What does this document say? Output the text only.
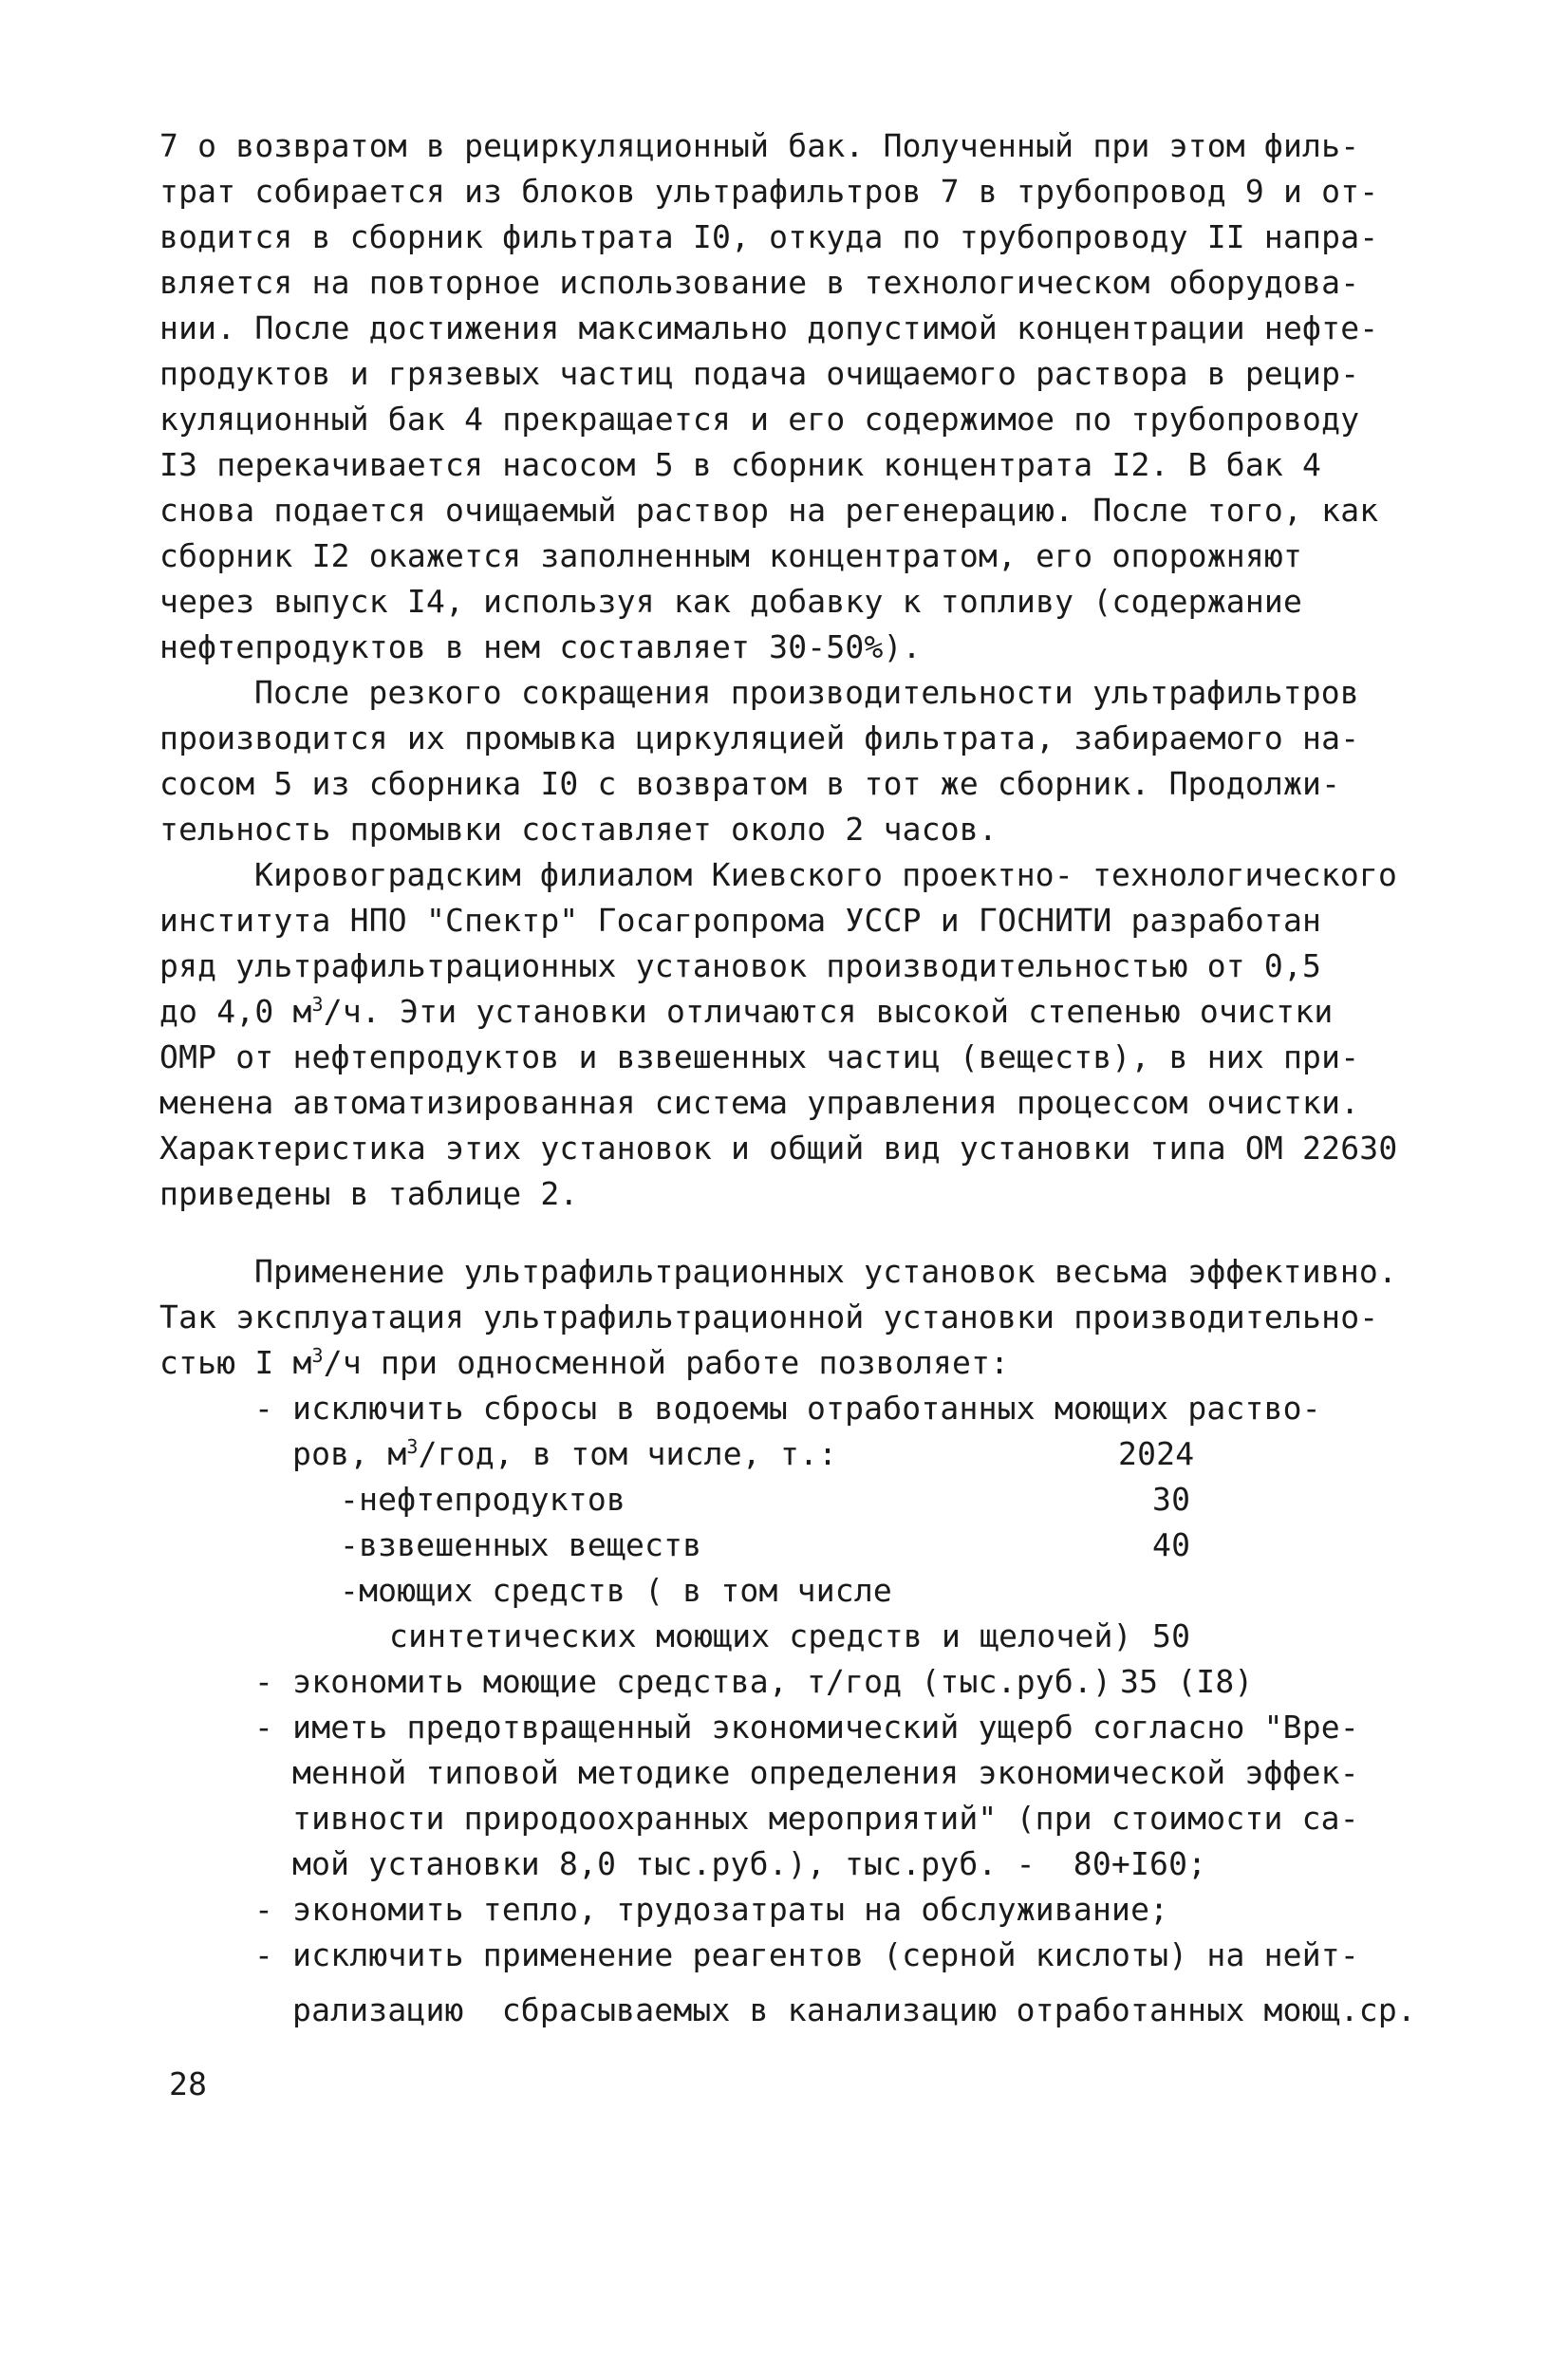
7 о возвратом в рециркуляционный бак. Полученный при этом филь-
трат собирается из блоков ультрафильтров 7 в трубопровод 9 и от-
водится в сборник фильтрата I0, откуда по трубопроводу II напра-
вляется на повторное использование в технологическом оборудова-
нии. После достижения максимально допустимой концентрации нефте-
продуктов и грязевых частиц подача очищаемого раствора в рецир-
куляционный бак 4 прекращается и его содержимое по трубопроводу
I3 перекачивается насосом 5 в сборник концентрата I2. В бак 4
снова подается очищаемый раствор на регенерацию. После того, как
сборник I2 окажется заполненным концентратом, его опорожняют
через выпуск I4, используя как добавку к топливу (содержание
нефтепродуктов в нем составляет 30-50%).
После резкого сокращения производительности ультрафильтров
производится их промывка циркуляцией фильтрата, забираемого на-
сосом 5 из сборника I0 с возвратом в тот же сборник. Продолжи-
тельность промывки составляет около 2 часов.
Кировоградским филиалом Киевского проектно- технологического
института НПО "Спектр" Госагропрома УССР и ГОСНИТИ разработан
ряд ультрафильтрационных установок производительностью от 0,5
до 4,0 $м^3/ч$. Эти установки отличаются высокой степенью очистки
ОМР от нефтепродуктов и взвешенных частиц (веществ), в них при-
менена автоматизированная система управления процессом очистки.
Характеристика этих установок и общий вид установки типа ОМ 22630
приведены в таблице 2.
Применение ультрафильтрационных установок весьма эффективно.
Так эксплуатация ультрафильтрационной установки производительно-
стью I $м^3/ч$ при односменной работе позволяет:
- исключить сбросы в водоемы отработанных моющих раство-
ров, $м^3$/год, в том числе, т.:	2024
-нефтепродуктов	30
-взвешенных веществ	40
-моющих средств ( в том числе
синтетических моющих средств и щелочей) 50
- экономить моющие средства, т/год (тыс.руб.) 35 (I8)
- иметь предотвращенный экономический ущерб согласно "Вре-
менной типовой методике определения экономической эффек-
тивности природоохранных мероприятий" (при стоимости са-
мой установки 8,0 тыс.руб.), тыс.руб. -  80+I60;
- экономить тепло, трудозатраты на обслуживание;
- исключить применение реагентов (серной кислоты) на нейт-
рализацию  сбрасываемых в канализацию отработанных моющ.ср.
28
